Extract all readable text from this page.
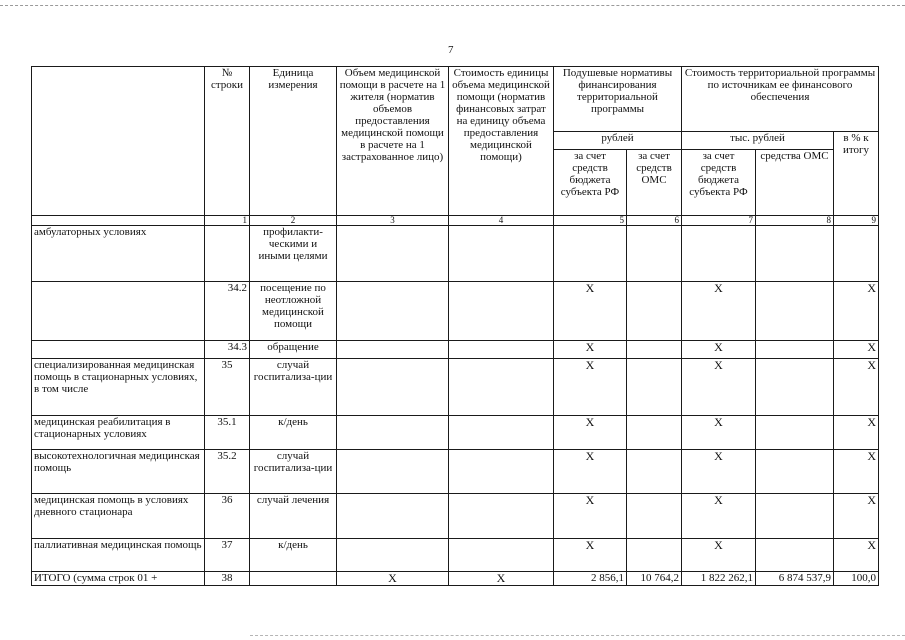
7
	№ строки	Единица измерения	Объем медицинской помощи в расчете на 1 жителя (норматив объемов предоставления медицинской помощи в расчете на 1 застрахованное лицо)	Стоимость единицы объема медицинской помощи (норматив финансовых затрат на единицу объема предоставления медицинской помощи)	Подушевые нормативы финансирования территориальной программы		Стоимость территориальной программы по источникам ее финансового обеспечения		
					рублей		тыс. рублей		в % к итогу
					за счет средств бюджета субъекта РФ	за счет средств ОМС	за счет средств бюджета субъекта РФ	средства ОМС	
	1	2	3	4	5	6	7	8	9
амбулаторных условиях		профилакти-ческими и иными целями							
	34.2	посещение по неотложной медицинской помощи			X		X		X
	34.3	обращение			X		X		X
специализированная медицинская помощь в стационарных условиях, в том числе	35	случай госпитализа-ции			X		X		X
медицинская реабилитация в стационарных условиях	35.1	к/день			X		X		X
высокотехнологичная медицинская помощь	35.2	случай госпитализа-ции			X		X		X
медицинская помощь в условиях дневного стационара	36	случай лечения			X		X		X
паллиативная медицинская помощь	37	к/день			X		X		X
ИТОГО (сумма строк 01 +	38		X	X	2 856,1	10 764,2	1 822 262,1	6 874 537,9	100,0
